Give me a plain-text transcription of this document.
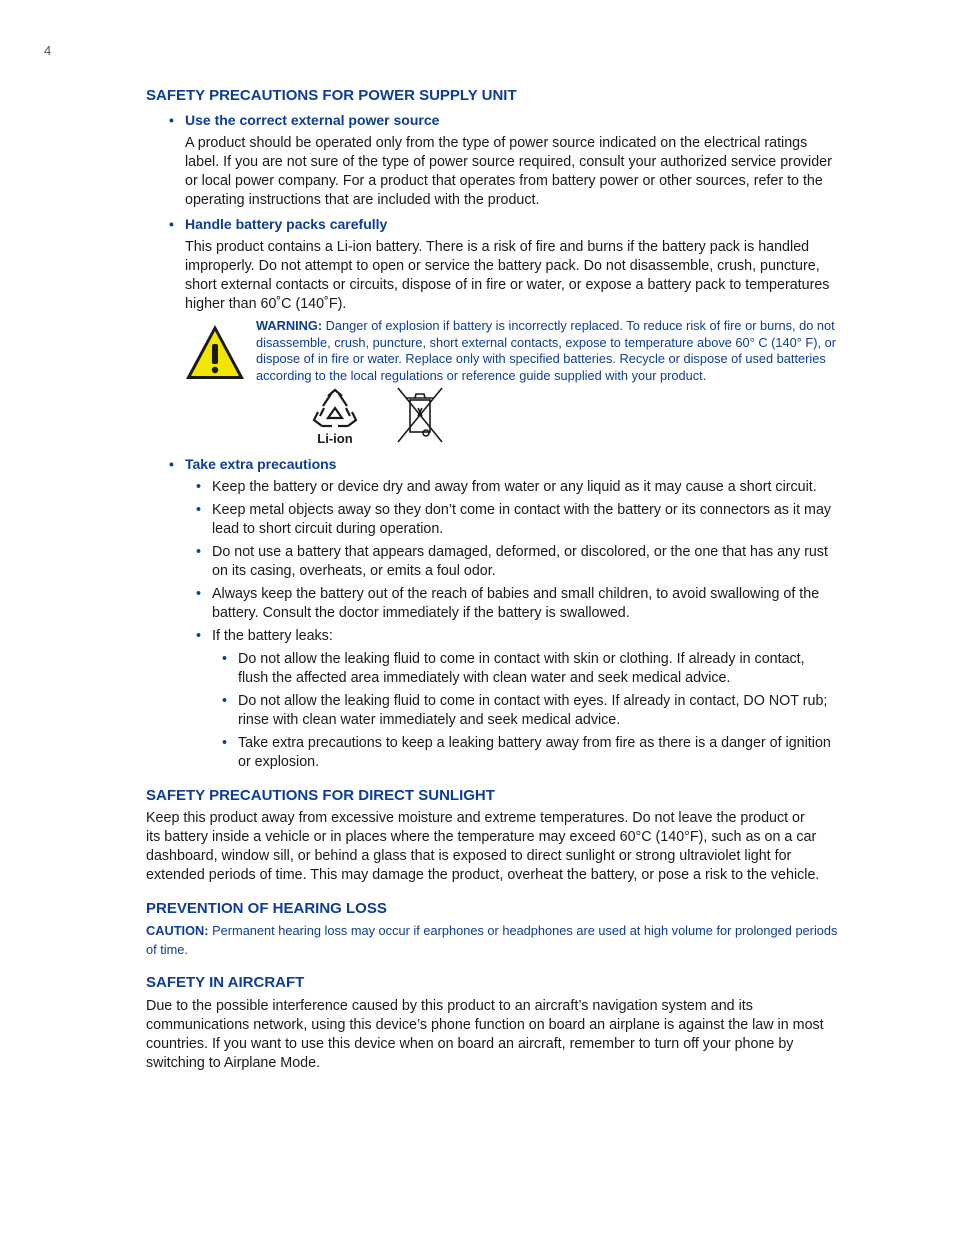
4
SAFETY PRECAUTIONS FOR POWER SUPPLY UNIT
• Use the correct external power source

A product should be operated only from the type of power source indicated on the electrical ratings
label. If you are not sure of the type of power source required, consult your authorized service provider
or local power company. For a product that operates from battery power or other sources, refer to the
operating instructions that are included with the product.

• Handle battery packs carefully

This product contains a Li-ion battery. There is a risk of fire and burns if the battery pack is handled
improperly. Do not attempt to open or service the battery pack. Do not disassemble, crush, puncture,
short external contacts or circuits, dispose of in fire or water, or expose a battery pack to temperatures
higher than 60˚C (140˚F).

WARNING: Danger of explosion if battery is incorrectly replaced. To reduce risk of fire or burns, do not
disassemble, crush, puncture, short external contacts, expose to temperature above 60° C (140° F), or
dispose of in fire or water. Replace only with specified batteries. Recycle or dispose of used batteries
according to the local regulations or reference guide supplied with your product.
Li-ion
• Take extra precautions
• Keep the battery or device dry and away from water or any liquid as it may cause a short circuit.
• Keep metal objects away so they don’t come in contact with the battery or its connectors as it may
lead to short circuit during operation.
• Do not use a battery that appears damaged, deformed, or discolored, or the one that has any rust
on its casing, overheats, or emits a foul odor.
• Always keep the battery out of the reach of babies and small children, to avoid swallowing of the
battery. Consult the doctor immediately if the battery is swallowed.
• If the battery leaks:
• Do not allow the leaking fluid to come in contact with skin or clothing. If already in contact,
flush the affected area immediately with clean water and seek medical advice.
• Do not allow the leaking fluid to come in contact with eyes. If already in contact, DO NOT rub;
rinse with clean water immediately and seek medical advice.
• Take extra precautions to keep a leaking battery away from fire as there is a danger of ignition
or explosion.
SAFETY PRECAUTIONS FOR DIRECT SUNLIGHT

Keep this product away from excessive moisture and extreme temperatures. Do not leave the product or
its battery inside a vehicle or in places where the temperature may exceed 60°C (140°F), such as on a car
dashboard, window sill, or behind a glass that is exposed to direct sunlight or strong ultraviolet light for
extended periods of time. This may damage the product, overheat the battery, or pose a risk to the vehicle.

PREVENTION OF HEARING LOSS

CAUTION: Permanent hearing loss may occur if earphones or headphones are used at high volume for prolonged periods
of time.

SAFETY IN AIRCRAFT

Due to the possible interference caused by this product to an aircraft’s navigation system and its
communications network, using this device’s phone function on board an airplane is against the law in most
countries. If you want to use this device when on board an aircraft, remember to turn off your phone by
switching to Airplane Mode.
